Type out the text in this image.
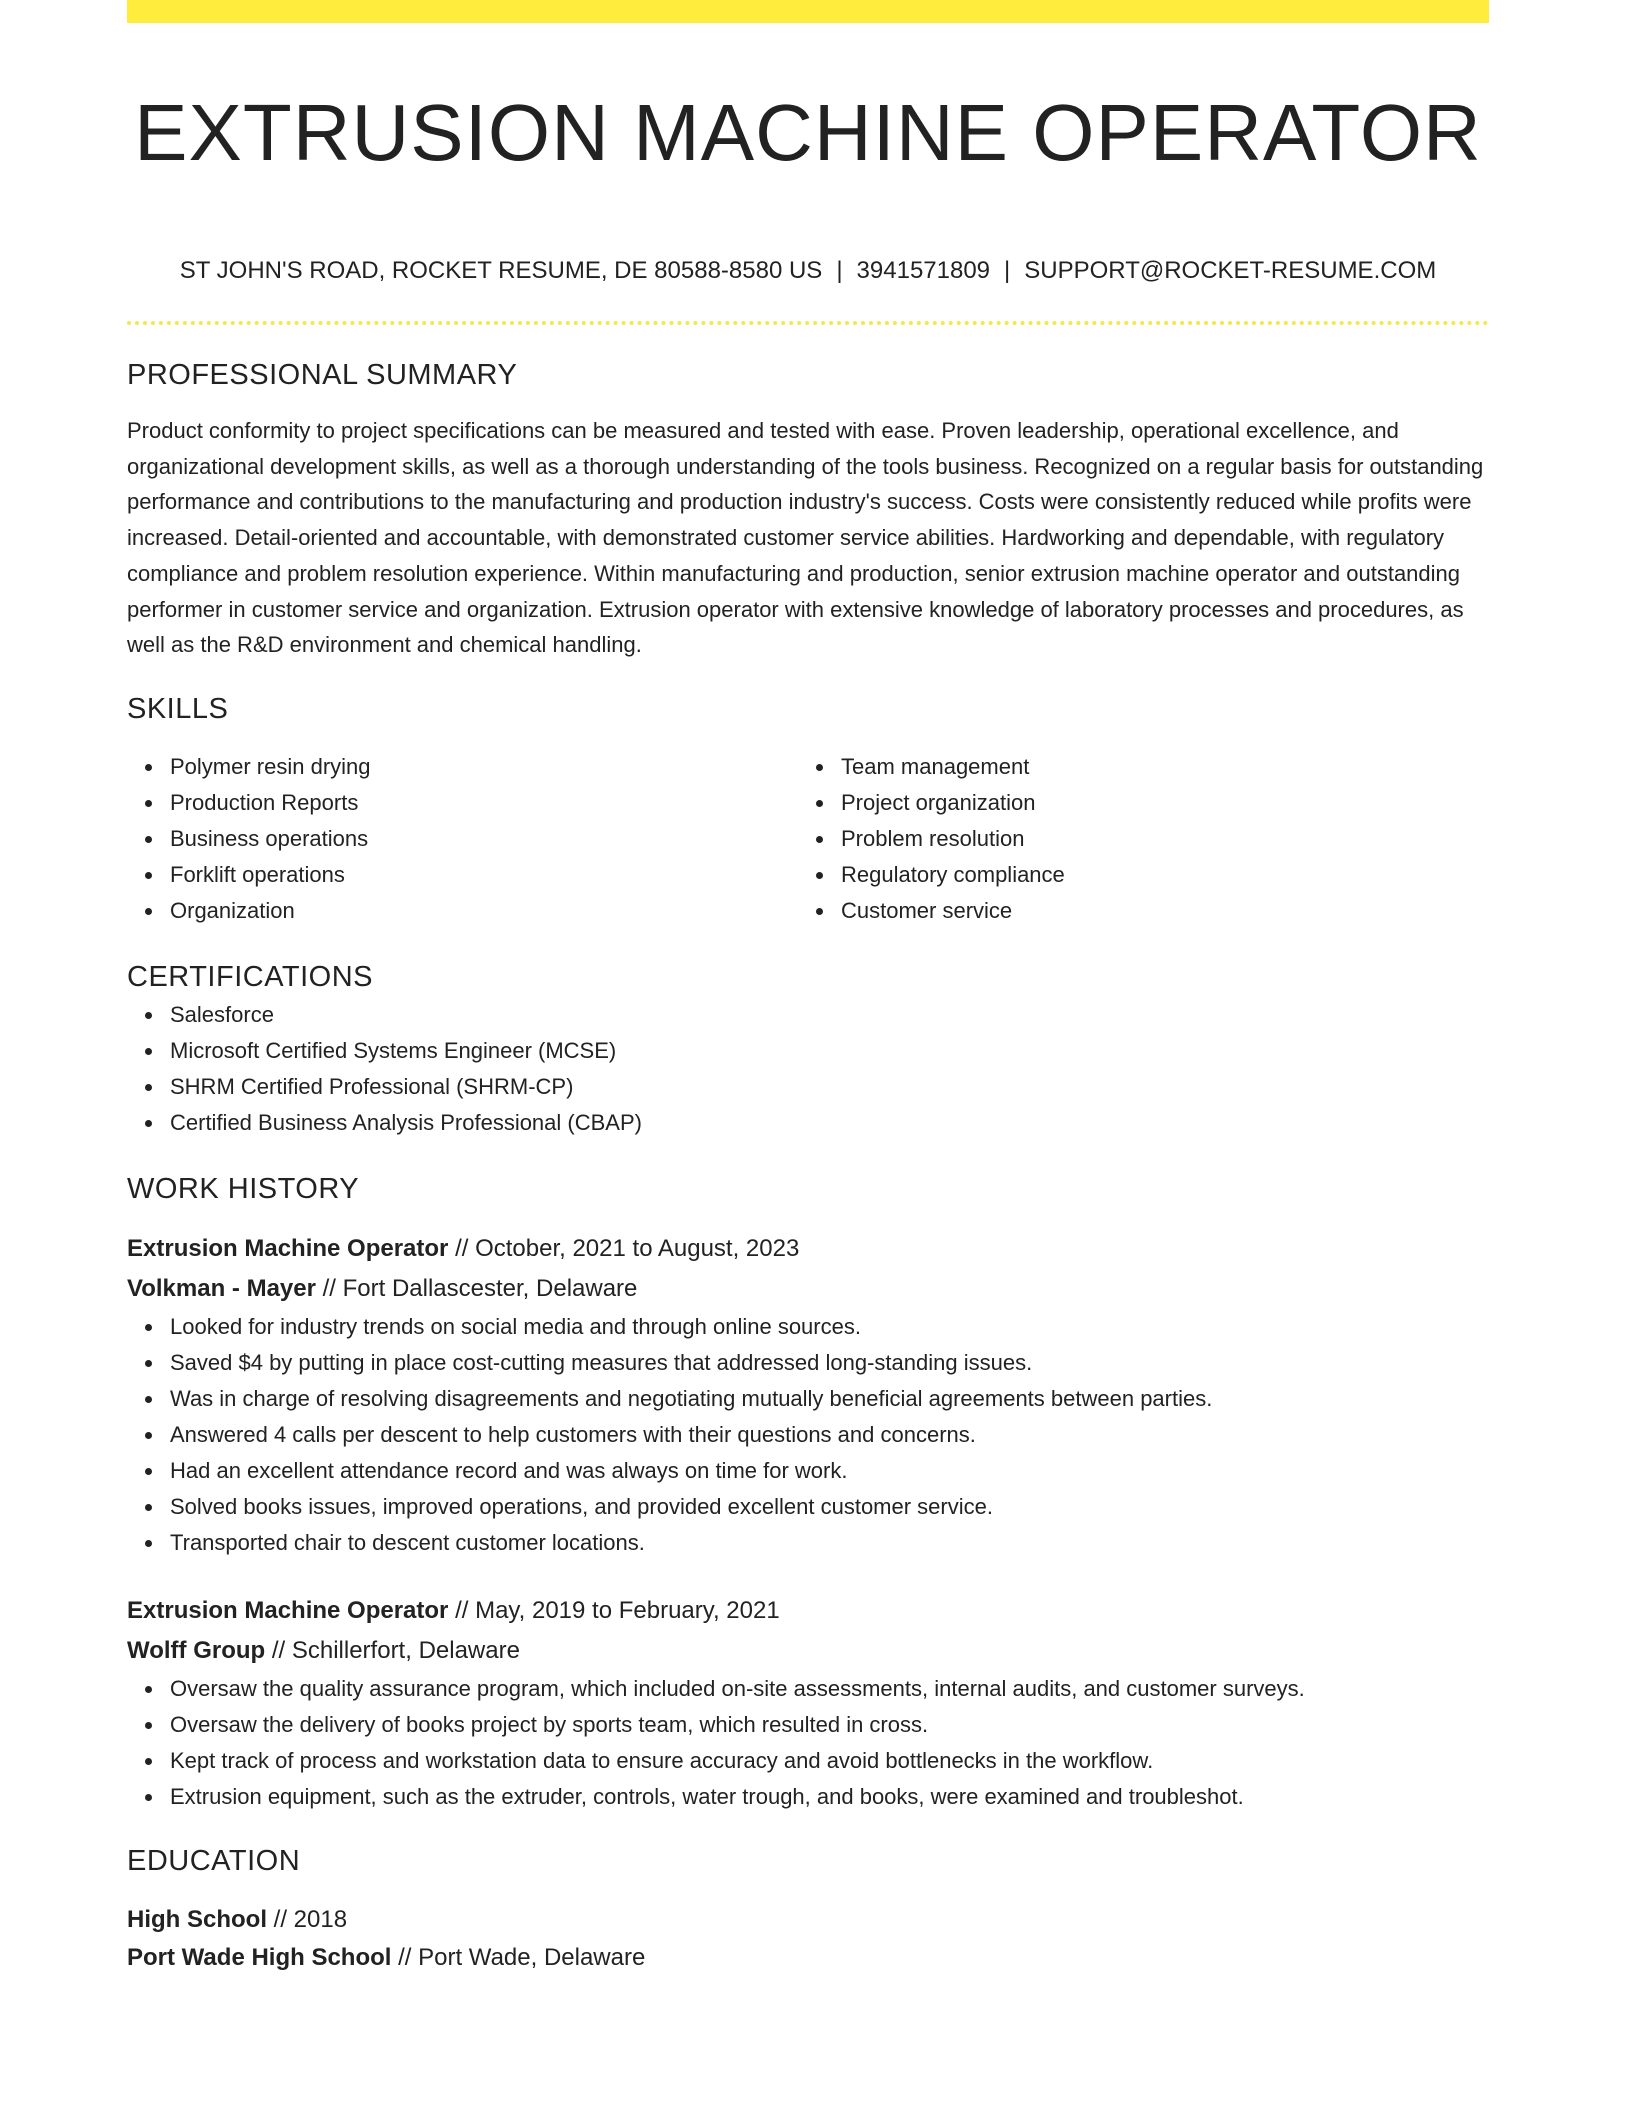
EXTRUSION MACHINE OPERATOR
ST JOHN'S ROAD, ROCKET RESUME, DE 80588-8580 US | 3941571809 | SUPPORT@ROCKET-RESUME.COM
PROFESSIONAL SUMMARY

Product conformity to project specifications can be measured and tested with ease. Proven leadership, operational excellence, and organizational development skills, as well as a thorough understanding of the tools business. Recognized on a regular basis for outstanding performance and contributions to the manufacturing and production industry's success. Costs were consistently reduced while profits were increased. Detail-oriented and accountable, with demonstrated customer service abilities. Hardworking and dependable, with regulatory compliance and problem resolution experience. Within manufacturing and production, senior extrusion machine operator and outstanding performer in customer service and organization. Extrusion operator with extensive knowledge of laboratory processes and procedures, as well as the R&D environment and chemical handling.

SKILLS
Polymer resin drying
Production Reports
Business operations
Forklift operations
Organization
Team management
Project organization
Problem resolution
Regulatory compliance
Customer service
CERTIFICATIONS
Salesforce
Microsoft Certified Systems Engineer (MCSE)
SHRM Certified Professional (SHRM-CP)
Certified Business Analysis Professional (CBAP)
WORK HISTORY
Extrusion Machine Operator // October, 2021 to August, 2023
Volkman - Mayer // Fort Dallascester, Delaware
Looked for industry trends on social media and through online sources.
Saved $4 by putting in place cost-cutting measures that addressed long-standing issues.
Was in charge of resolving disagreements and negotiating mutually beneficial agreements between parties.
Answered 4 calls per descent to help customers with their questions and concerns.
Had an excellent attendance record and was always on time for work.
Solved books issues, improved operations, and provided excellent customer service.
Transported chair to descent customer locations.
Extrusion Machine Operator // May, 2019 to February, 2021
Wolff Group // Schillerfort, Delaware
Oversaw the quality assurance program, which included on-site assessments, internal audits, and customer surveys.
Oversaw the delivery of books project by sports team, which resulted in cross.
Kept track of process and workstation data to ensure accuracy and avoid bottlenecks in the workflow.
Extrusion equipment, such as the extruder, controls, water trough, and books, were examined and troubleshot.
EDUCATION
High School // 2018
Port Wade High School // Port Wade, Delaware
